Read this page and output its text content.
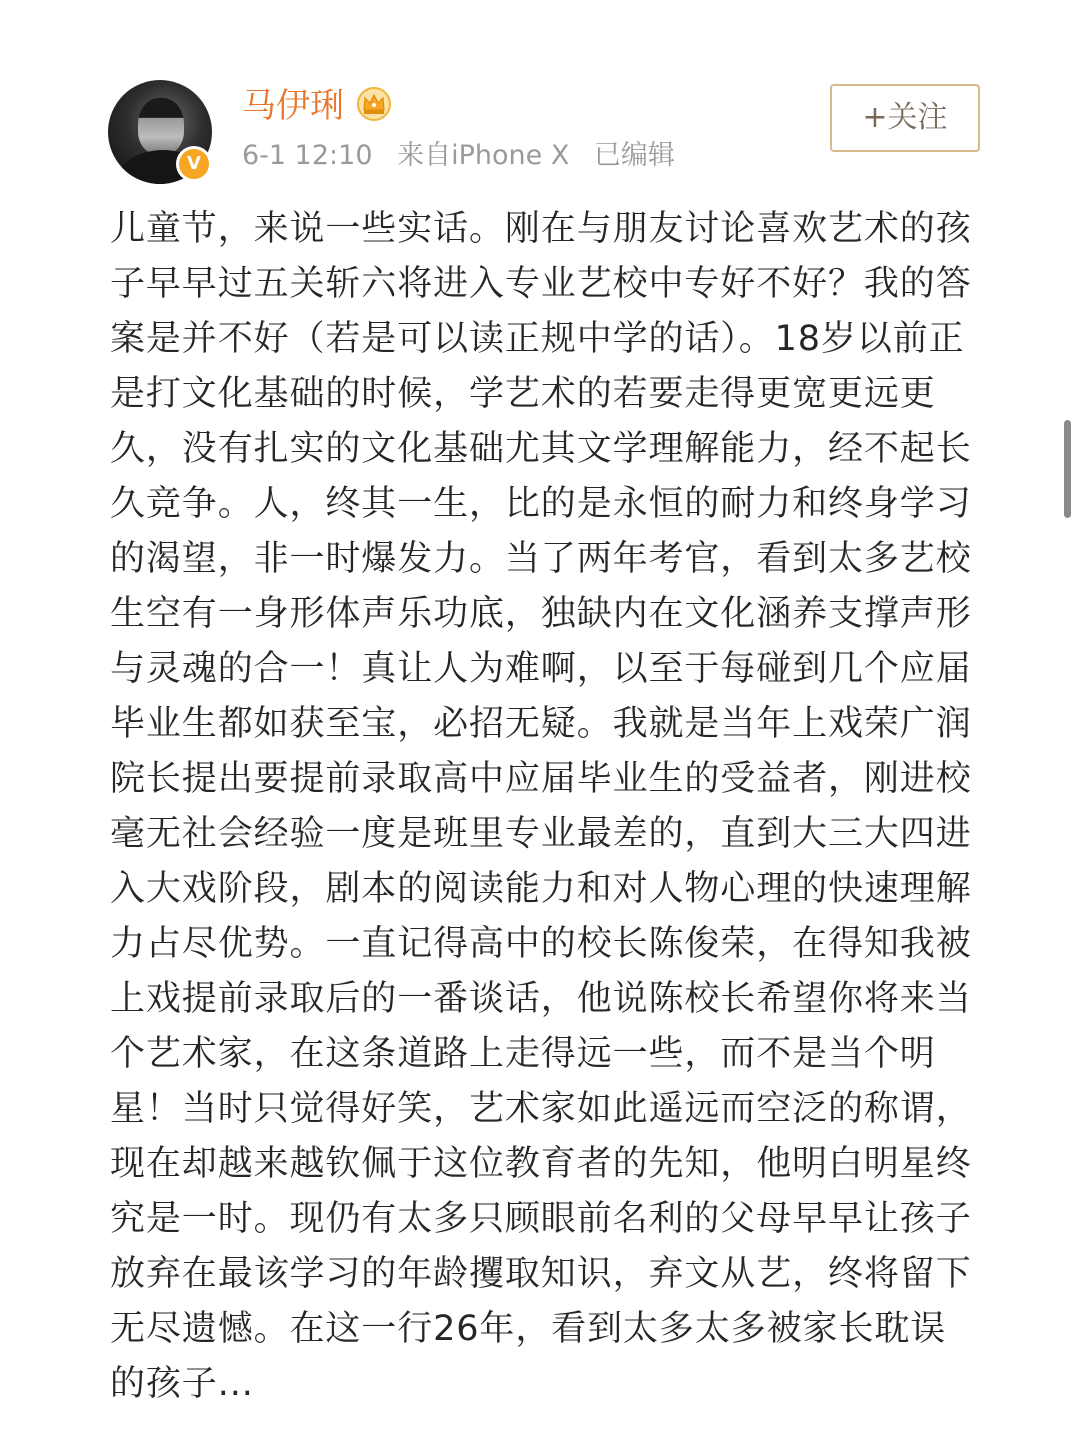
V
马伊琍
6-1 12:10 来自iPhone X 已编辑
+关注

儿童节，来说一些实话。刚在与朋友讨论喜欢艺术的孩子早早过五关斩六将进入专业艺校中专好不好？我的答案是并不好（若是可以读正规中学的话）。18岁以前正是打文化基础的时候，学艺术的若要走得更宽更远更久，没有扎实的文化基础尤其文学理解能力，经不起长久竞争。人，终其一生，比的是永恒的耐力和终身学习的渴望，非一时爆发力。当了两年考官，看到太多艺校生空有一身形体声乐功底，独缺内在文化涵养支撑声形与灵魂的合一！真让人为难啊，以至于每碰到几个应届毕业生都如获至宝，必招无疑。我就是当年上戏荣广润院长提出要提前录取高中应届毕业生的受益者，刚进校毫无社会经验一度是班里专业最差的，直到大三大四进入大戏阶段，剧本的阅读能力和对人物心理的快速理解力占尽优势。一直记得高中的校长陈俊荣，在得知我被上戏提前录取后的一番谈话，他说陈校长希望你将来当个艺术家，在这条道路上走得远一些，而不是当个明星！当时只觉得好笑，艺术家如此遥远而空泛的称谓，现在却越来越钦佩于这位教育者的先知，他明白明星终究是一时。现仍有太多只顾眼前名利的父母早早让孩子放弃在最该学习的年龄攫取知识，弃文从艺，终将留下无尽遗憾。在这一行26年，看到太多太多被家长耽误的孩子...
